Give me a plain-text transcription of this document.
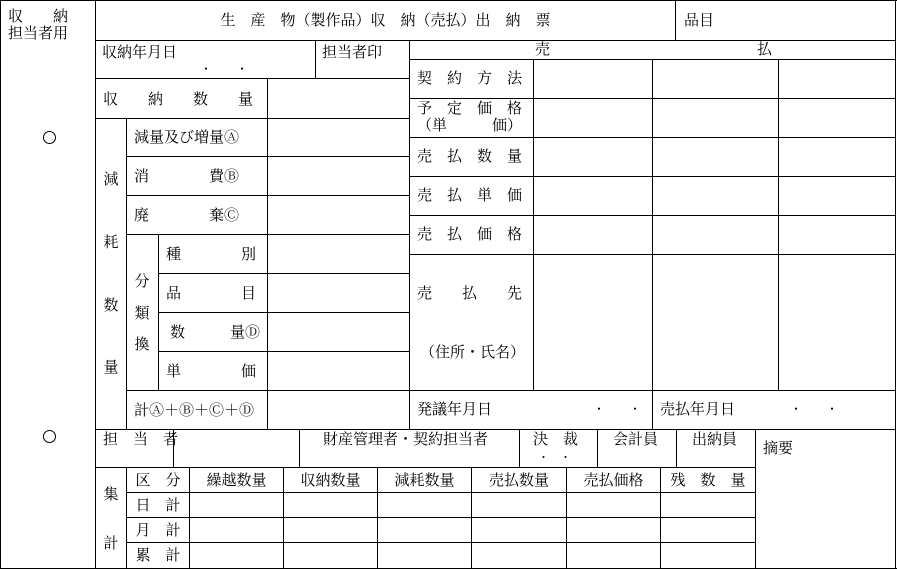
収　　納
担当者用
生　産　物（製作品）収　納（売払）出　納　票	品目
収納年月日
・　　・
担当者印
収　　納　　数　　量
減量及び増量Ⓐ
消　　　　費Ⓑ
廃　　　　棄Ⓒ
減
耗
数
量
分
類
換
種　　　　別
品　　　　目
数　　　量Ⓓ
単　　　　価
計Ⓐ＋Ⓑ＋Ⓒ＋Ⓓ
売	払
契　約　方　法
予　定　価　格
（単　　　価）
売　払　数　量
売　払　単　価
売　払　価　格
売　　払　　先
（住所・氏名）
発議年月日	・　　・ 売払年月日	・　　・
担　当　者	財産管理者・契約担当者	決　裁
・　・
会計員 出納員 摘要
集
計
区　分	繰越数量	収納数量	減耗数量	売払数量	売払価格	残　数　量
日　計
月　計
累　計
